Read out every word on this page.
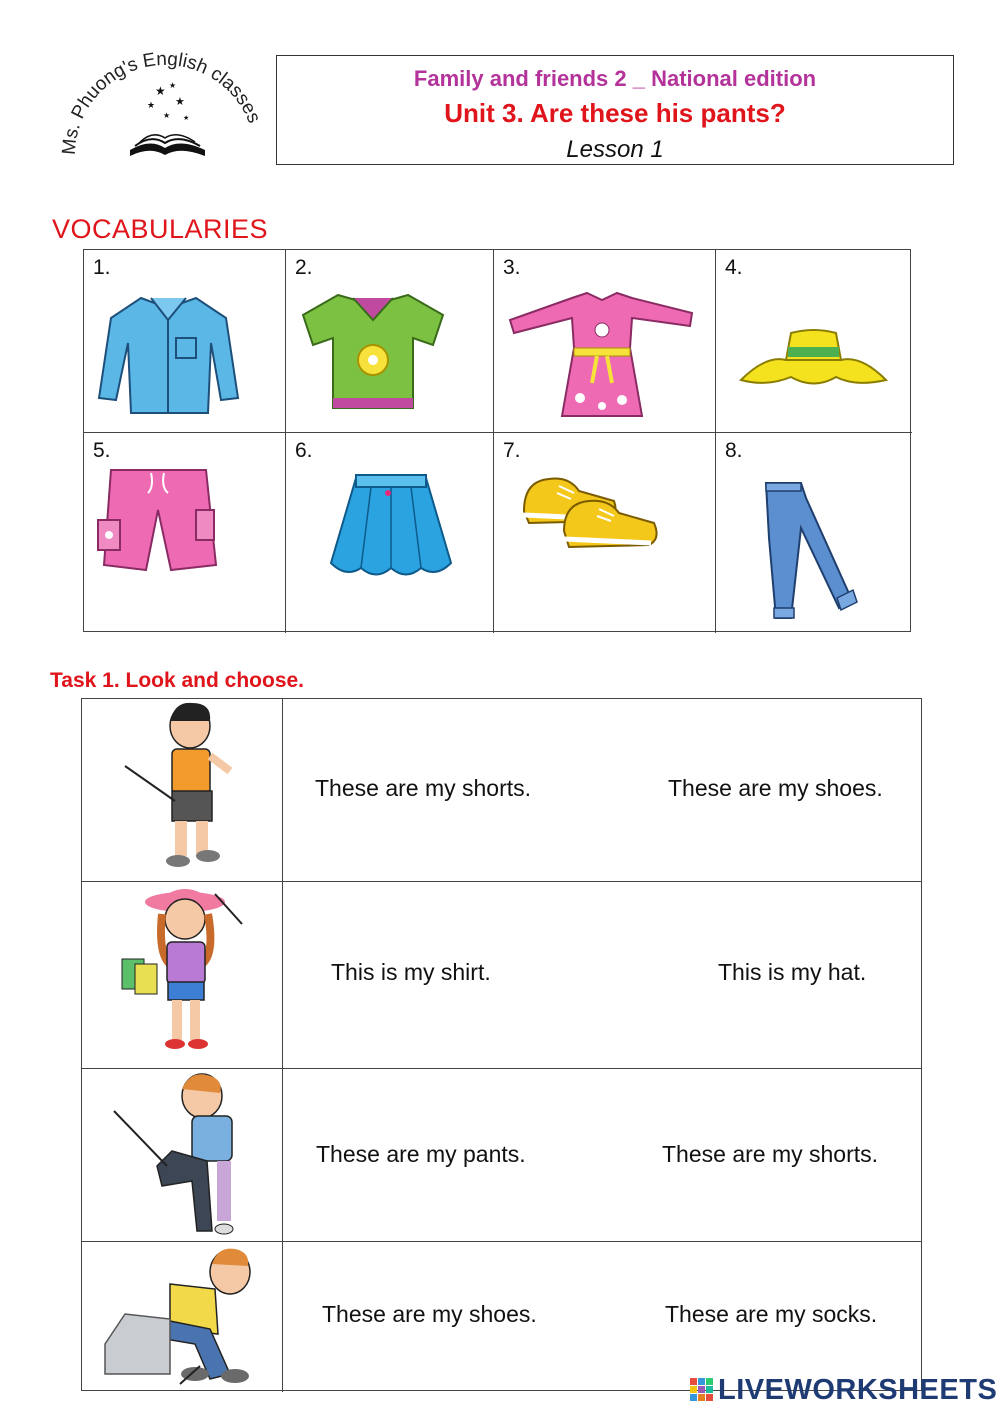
Ms. Phuong's English classes
★ ★
★ ★
★ ★
Family and friends 2 _ National edition
Unit 3. Are these his pants?
Lesson 1
VOCABULARIES
1.	2.	3.	4.
5.	6.	7.	8.
Task 1. Look and choose.
These are my shorts.	These are my shoes.
This is my shirt.	This is my hat.
These are my pants.	These are my shorts.
These are my shoes.	These are my socks.
LIVEWORKSHEETS
